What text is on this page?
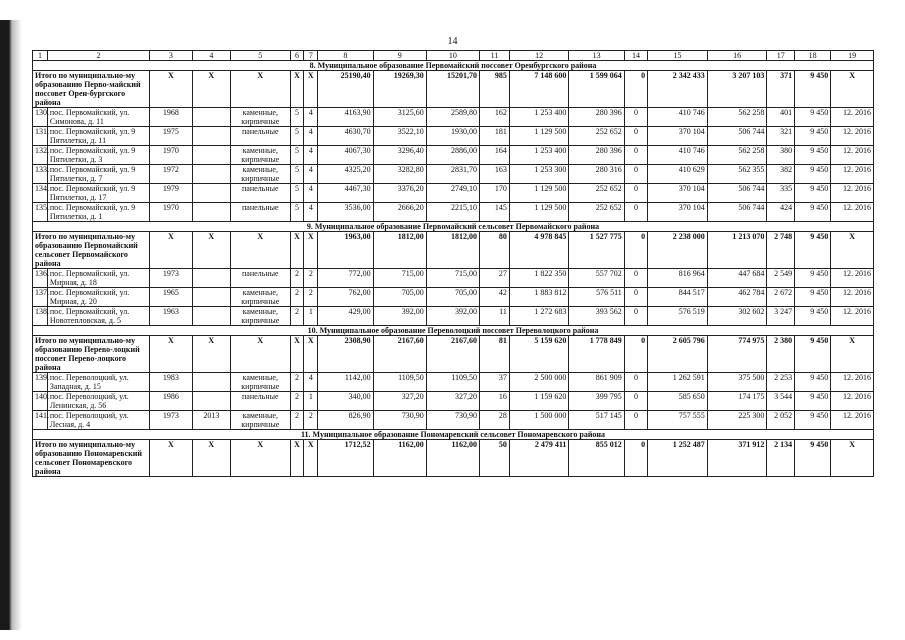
14
1	2	3	4	5	6	7	8	9	10	11	12	13	14	15	16	17	18	19
8. Муниципальное образование Первомайский поссовет Оренбургского района																		
Итого по муниципально-му образованию Перво-майский поссовет Орен-бургского района		X	X	X	X	X	25190,40	19269,30	15201,70	985	7 148 600	1 599 064	0	2 342 433	3 207 103	371	9 450	X
130.	пос. Первомайский, ул. Симонова, д. 11	1968		каменные, кирпичные	5	4	4163,90	3125,60	2589,80	162	1 253 400	280 396	0	410 746	562 258	401	9 450	12. 2016
131.	пос. Первомайский, ул. 9 Пятилетки, д. 11	1975		панельные	5	4	4630,70	3522,10	1930,00	181	1 129 500	252 652	0	370 104	506 744	321	9 450	12. 2016
132.	пос. Первомайский, ул. 9 Пятилетки, д. 3	1970		каменные, кирпичные	5	4	4067,30	3296,40	2886,00	164	1 253 400	280 396	0	410 746	562 258	380	9 450	12. 2016
133.	пос. Первомайский, ул. 9 Пятилетки, д. 7	1972		каменные, кирпичные	5	4	4325,20	3282,80	2831,70	163	1 253 300	280 316	0	410 629	562 355	382	9 450	12. 2016
134.	пос. Первомайский, ул. 9 Пятилетки, д. 17	1979		панельные	5	4	4467,30	3376,20	2749,10	170	1 129 500	252 652	0	370 104	506 744	335	9 450	12. 2016
135.	пос. Первомайский, ул. 9 Пятилетки, д. 1	1970		панельные	5	4	3536,00	2666,20	2215,10	145	1 129 500	252 652	0	370 104	506 744	424	9 450	12. 2016
9. Муниципальное образование Первомайский сельсовет Первомайского района																		
Итого по муниципально-му образованию Первомайский сельсовет Первомайского района		X	X	X	X	X	1963,00	1812,00	1812,00	80	4 978 845	1 527 775	0	2 238 000	1 213 070	2 748	9 450	X
136.	пос. Первомайский, ул. Мирная, д. 18	1973		панельные	2	2	772,00	715,00	715,00	27	1 822 350	557 702	0	816 964	447 684	2 549	9 450	12. 2016
137.	пос. Первомайский, ул. Мирная, д. 20	1965		каменные, кирпичные	2	2	762,00	705,00	705,00	42	1 883 812	576 511	0	844 517	462 784	2 672	9 450	12. 2016
138.	пос. Первомайский, ул. Новотепловская, д. 5	1963		каменные, кирпичные	2	1	429,00	392,00	392,00	11	1 272 683	393 562	0	576 519	302 602	3 247	9 450	12. 2016
10. Муниципальное образование Переволоцкий поссовет Переволоцкого района																		
Итого по муниципально-му образованию Перево-лоцкий поссовет Перево-лоцкого района		X	X	X	X	X	2308,90	2167,60	2167,60	81	5 159 620	1 778 849	0	2 605 796	774 975	2 380	9 450	X
139.	пос. Переволоцкий, ул. Западная, д. 15	1983		каменные, кирпичные	2	4	1142,00	1109,50	1109,50	37	2 500 000	861 909	0	1 262 591	375 500	2 253	9 450	12. 2016
140.	пос. Переволоцкий, ул. Ленинская, д. 56	1986		панельные	2	1	340,00	327,20	327,20	16	1 159 620	399 795	0	585 650	174 175	3 544	9 450	12. 2016
141.	пос. Переволоцкий, ул. Лесная, д. 4	1973	2013	каменные, кирпичные	2	2	826,90	730,90	730,90	28	1 500 000	517 145	0	757 555	225 300	2 052	9 450	12. 2016
11. Муниципальное образование Пономаревский сельсовет Пономаревского района																		
Итого по муниципально-му образованию Пономаревский сельсовет Пономаревского района		X	X	X	X	X	1712,52	1162,00	1162,00	50	2 479 411	855 012	0	1 252 487	371 912	2 134	9 450	X
